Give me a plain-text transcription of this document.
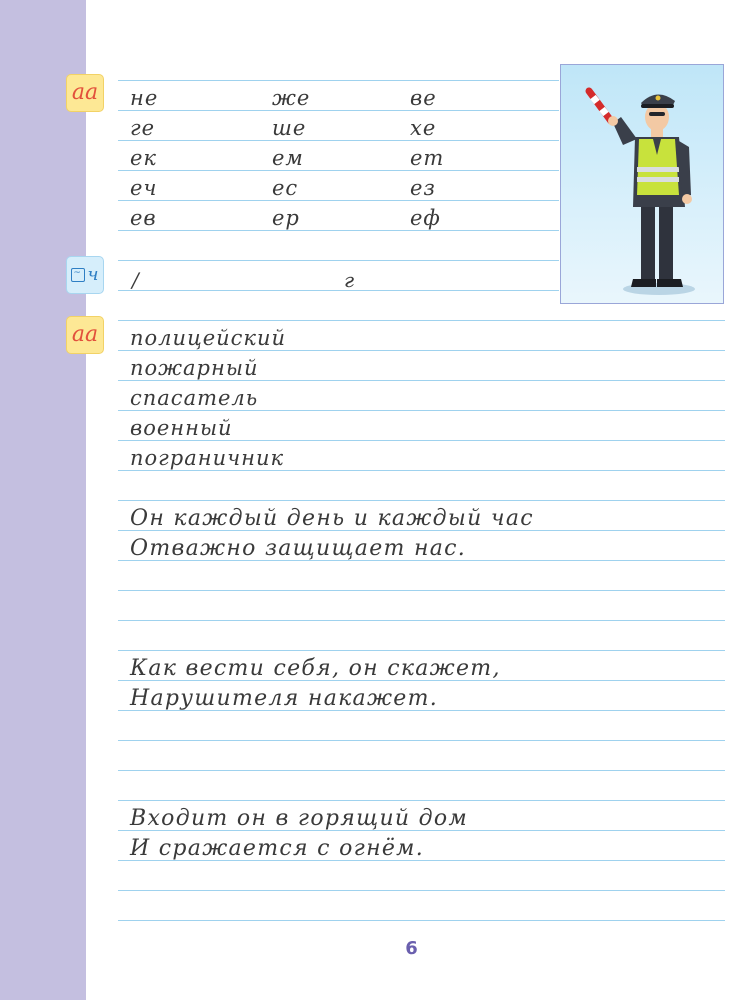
аа не	же	ве
ге	ше	хе
ек	ем	ет
еч	ес	ез
ев	ер	еф
~ ч ∕	г
аа полицейский
пожарный
спасатель
военный
пограничник
Он каждый день и каждый час
Отважно защищает нас.
Как вести себя, он скажет,
Нарушителя накажет.
Входит он в горящий дом
И сражается с огнём.
6
